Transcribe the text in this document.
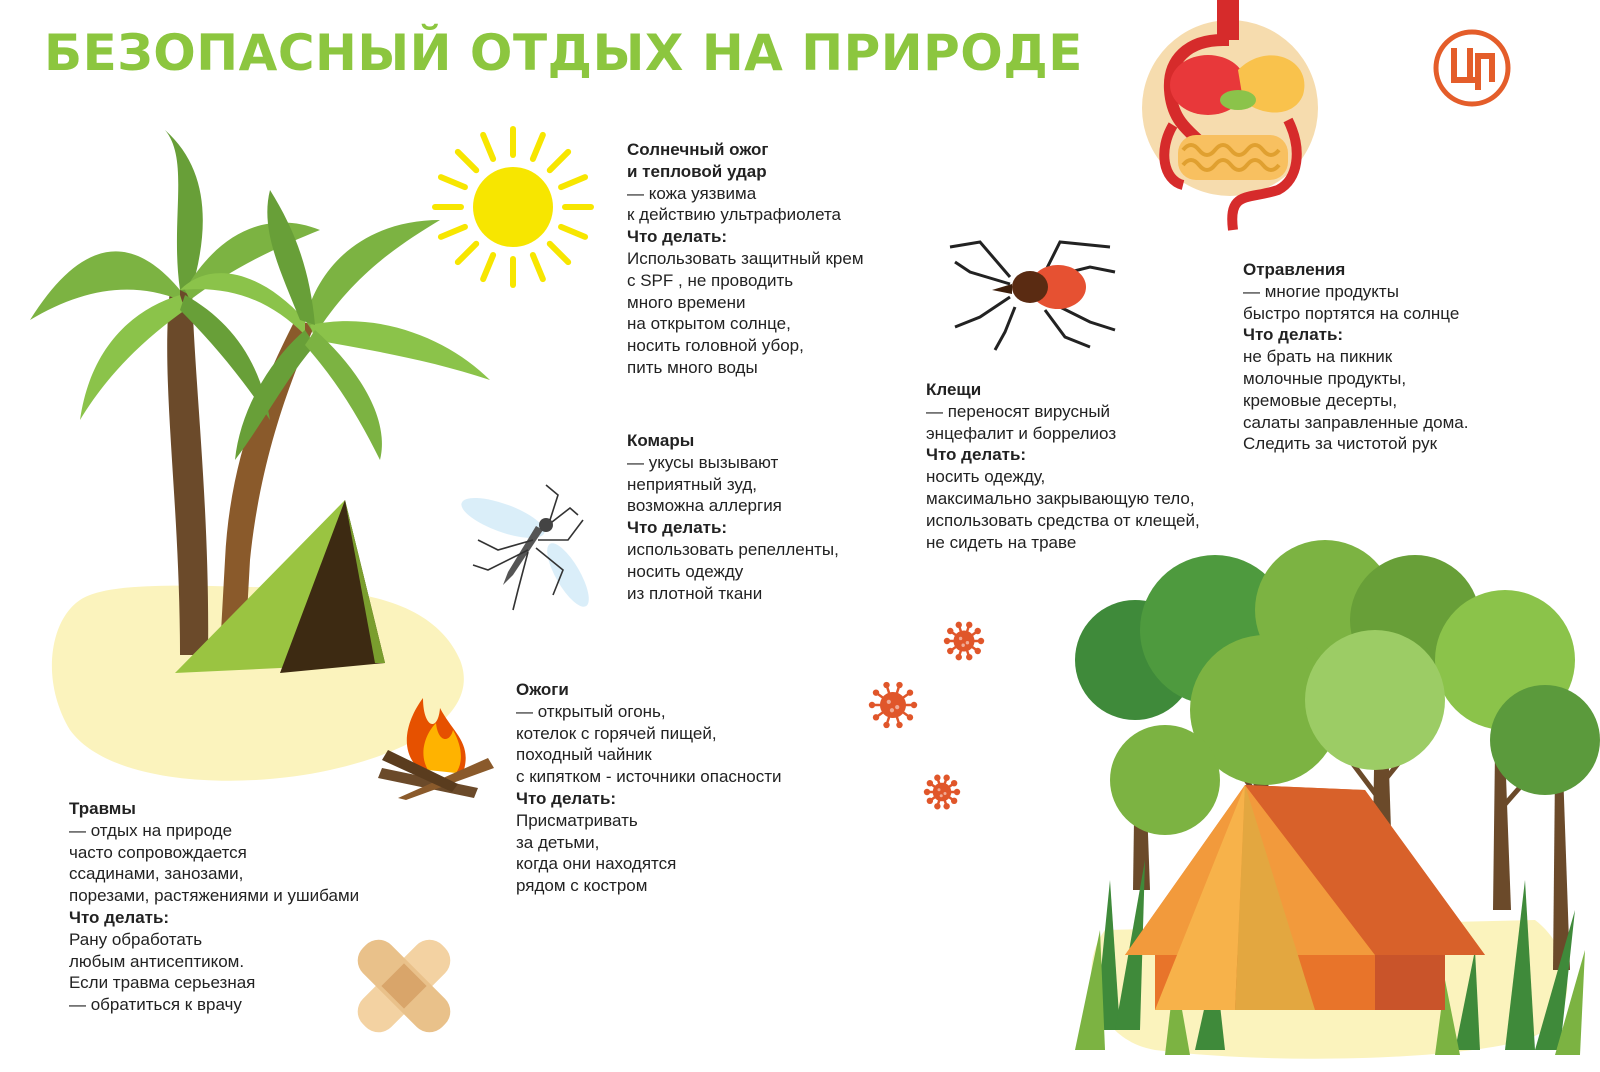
БЕЗОПАСНЫЙ ОТДЫХ НА ПРИРОДЕ
Солнечный ожог
и тепловой удар
— кожа уязвима
к действию ультрафиолета
Что делать:
Использовать защитный крем
с SPF , не проводить
много времени
на открытом солнце,
носить головной убор,
пить много воды
Комары
— укусы вызывают
неприятный зуд,
возможна аллергия
Что делать:
использовать репелленты,
носить одежду
из плотной ткани
Клещи
— переносят вирусный
энцефалит и боррелиоз
Что делать:
носить одежду,
максимально закрывающую тело,
использовать средства от клещей,
не сидеть на траве
Отравления
— многие продукты
быстро портятся на солнце
Что делать:
не брать на пикник
молочные продукты,
кремовые десерты,
салаты заправленные дома.
Следить за чистотой рук
Ожоги
— открытый огонь,
котелок с горячей пищей,
походный чайник
с кипятком - источники опасности
Что делать:
Присматривать
за детьми,
когда они находятся
рядом с костром
Травмы
— отдых на природе
часто сопровождается
ссадинами, занозами,
порезами, растяжениями и ушибами
Что делать:
Рану обработать
любым антисептиком.
Если травма серьезная
— обратиться к врачу
